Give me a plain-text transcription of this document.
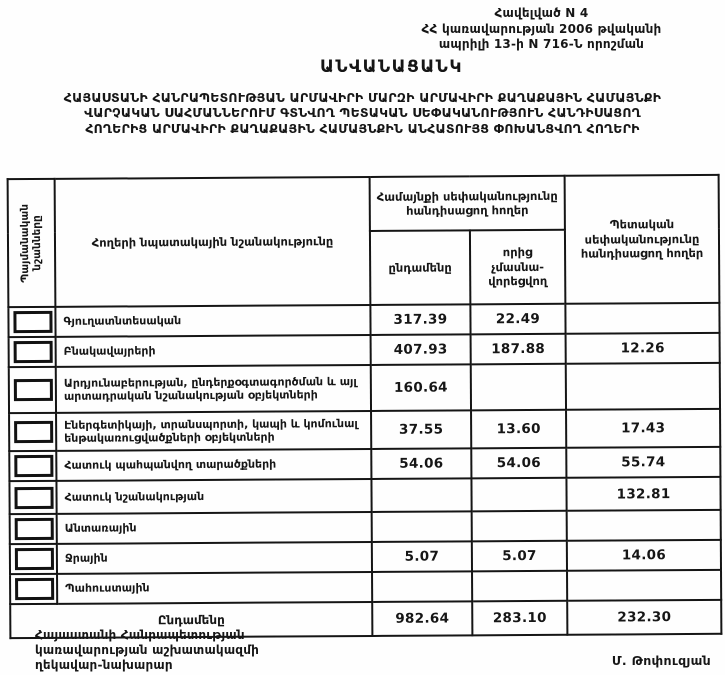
Հավելված N 4
ՀՀ կառավարության 2006 թվականի
ապրիլի 13-ի N 716-Ն որոշման
ԱՆՎԱՆԱՑԱՆԿ
ՀԱՅԱՍՏԱՆԻ ՀԱՆՐԱՊԵՏՈՒԹՅԱՆ ԱՐՄԱՎԻՐԻ ՄԱՐԶԻ ԱՐՄԱՎԻՐԻ ՔԱՂԱՔԱՅԻՆ ՀԱՄԱՅՆՔԻ
ՎԱՐՉԱԿԱՆ ՍԱՀՄԱՆՆԵՐՈՒՄ ԳՏՆՎՈՂ ՊԵՏԱԿԱՆ ՍԵՓԱԿԱՆՈՒԹՅՈՒՆ ՀԱՆԴԻՍԱՑՈՂ
ՀՈՂԵՐԻՑ ԱՐՄԱՎԻՐԻ ՔԱՂԱՔԱՅԻՆ ՀԱՄԱՅՆՔԻՆ ԱՆՀԱՏՈՒՅՑ ՓՈԽԱՆՑՎՈՂ ՀՈՂԵՐԻ
Պայմանական
նշանները	Հողերի նպատակային նշանակությունը	Համայնքի սեփականությունը հանդիսացող հողեր		Պետական սեփականությունը հանդիսացող հողեր
		ընդամենը	որից չմասնա-վորեցվող	

	Գյուղատնտեսական	317.39	22.49	

	Բնակավայրերի	407.93	187.88	12.26

	Արդյունաբերության, ընդերքօգտագործման և այլ արտադրական նշանակության օբյեկտների	160.64		

	Էներգետիկայի, տրանսպորտի, կապի և կոմունալ ենթակառուցվածքների օբյեկտների	37.55	13.60	17.43

	Հատուկ պահպանվող տարածքների	54.06	54.06	55.74

	Հատուկ նշանակության			132.81

	Անտառային			

	Ջրային	5.07	5.07	14.06

	Պահուստային			
Ընդամենը		982.64	283.10	232.30
Հայաստանի Հանրապետության
կառավարության աշխատակազմի
ղեկավար-նախարար	Մ. Թոփուզյան
